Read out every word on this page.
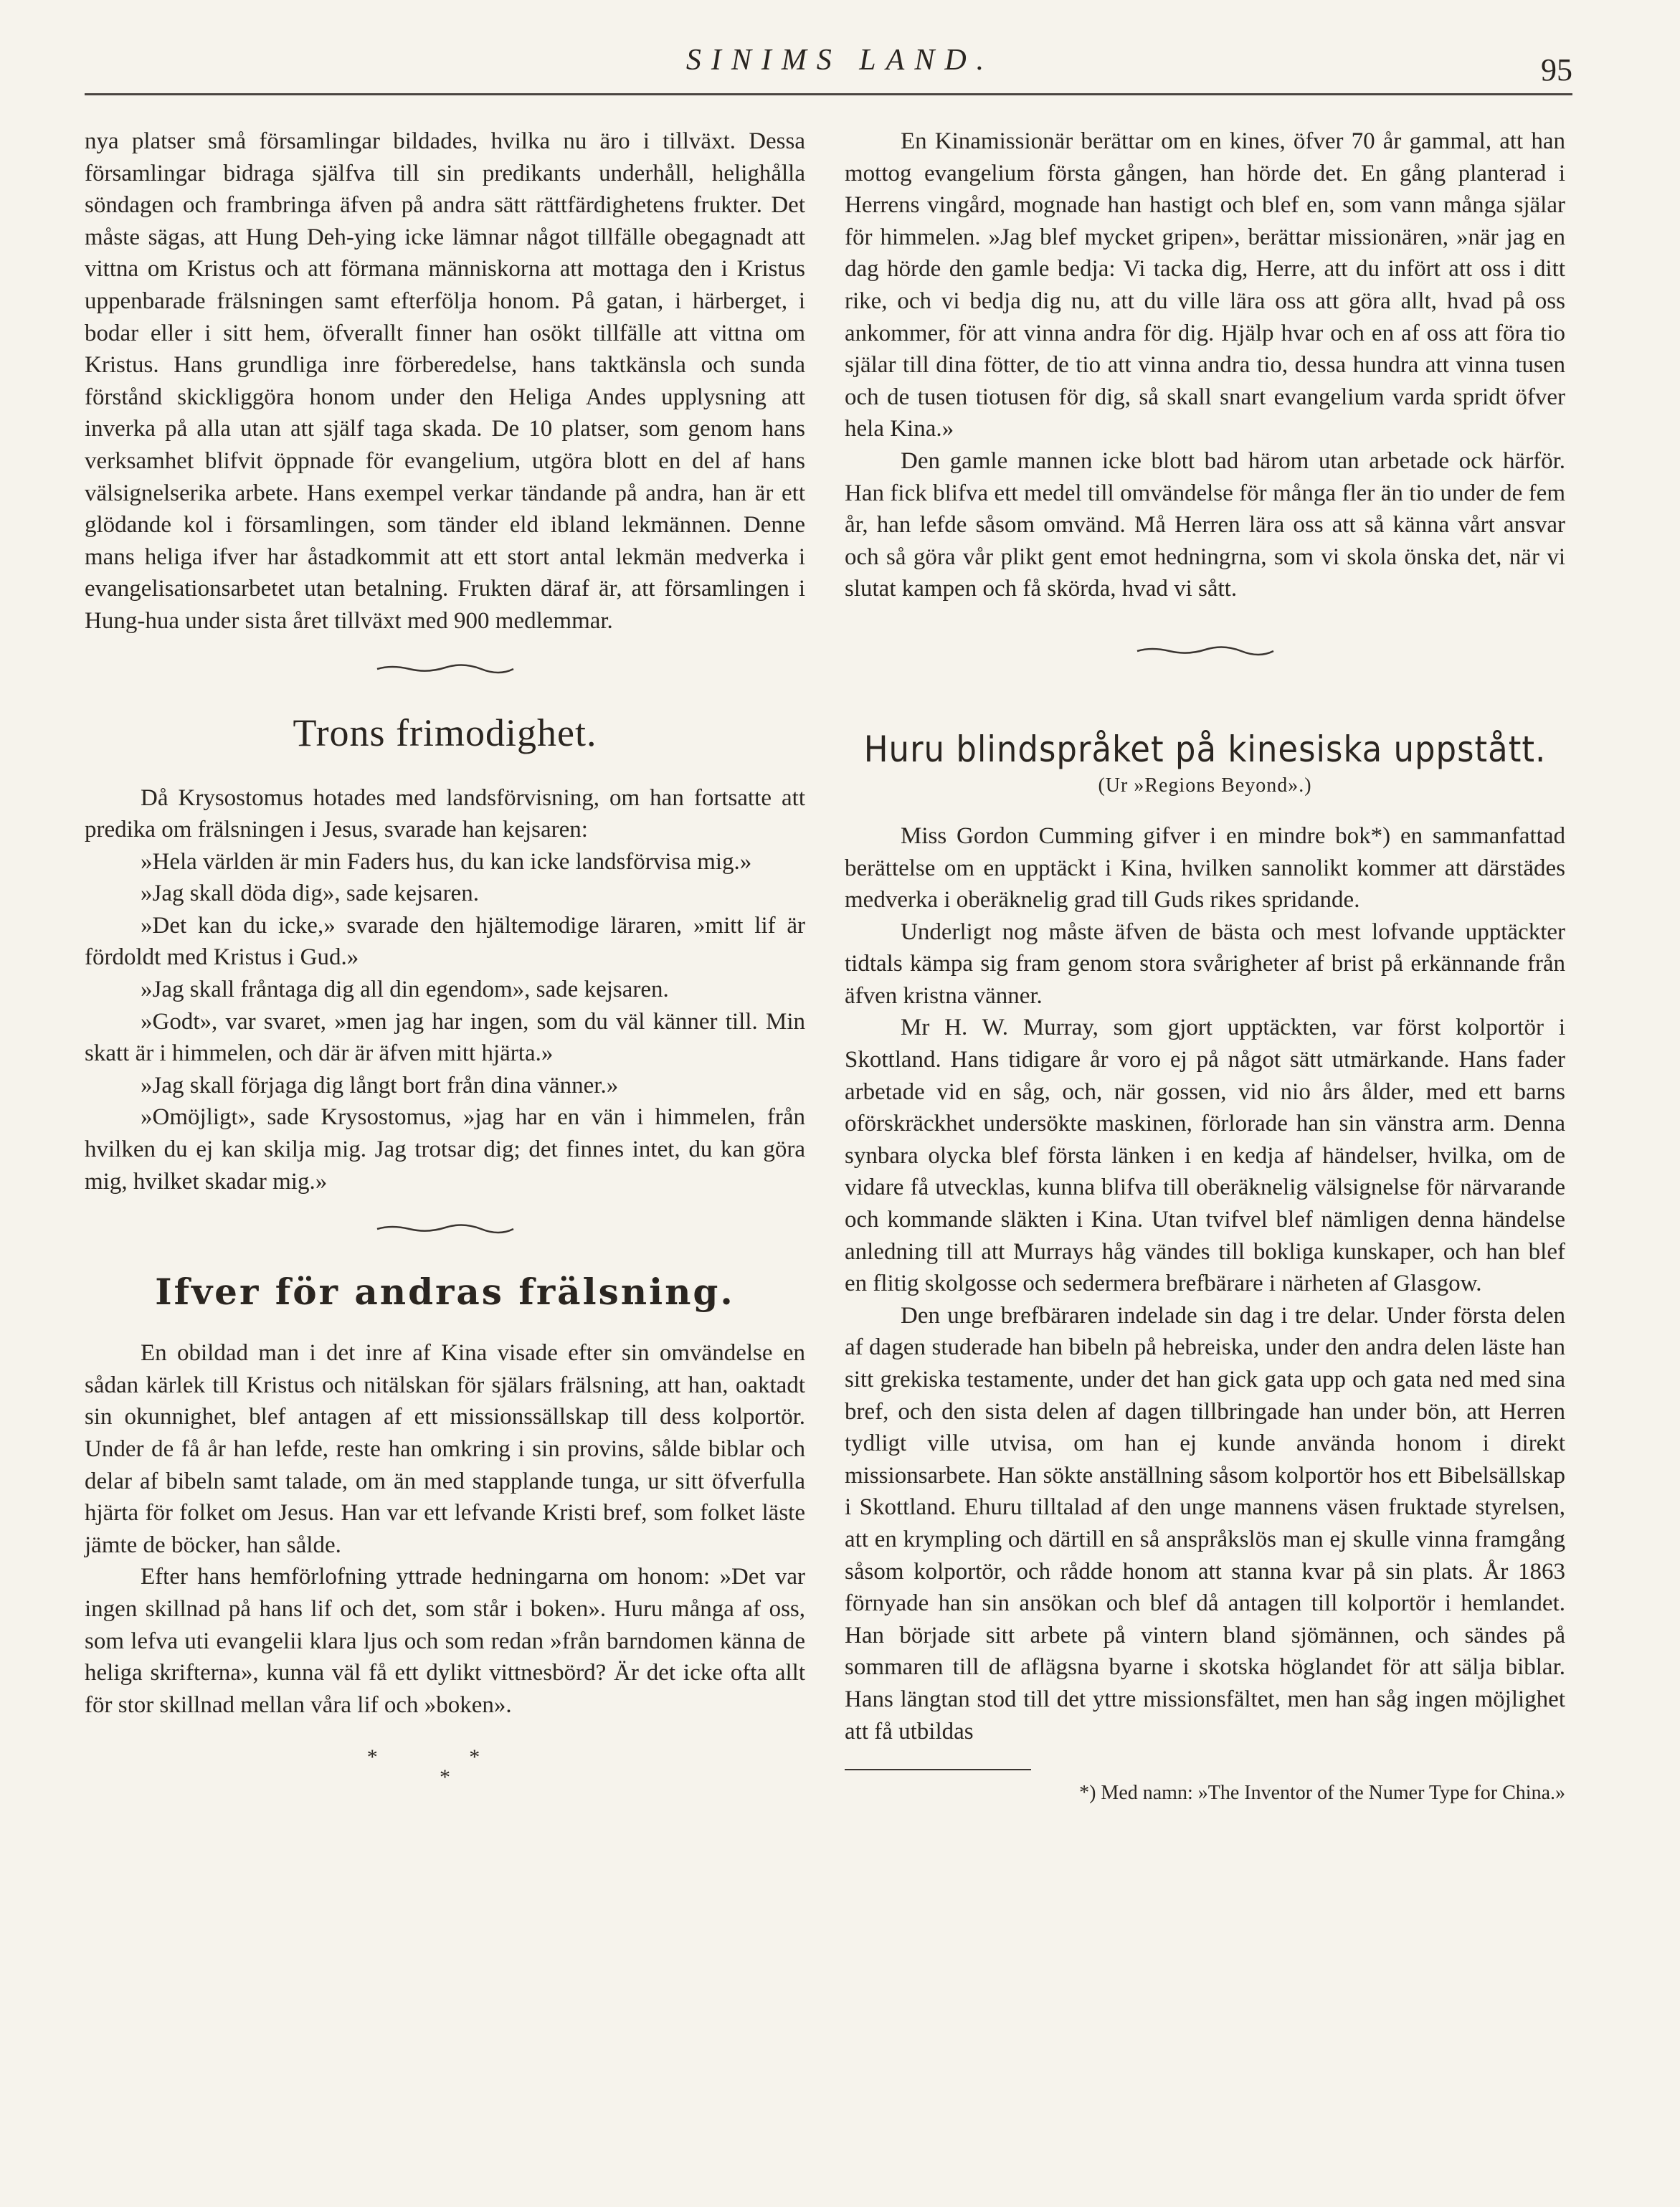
SINIMS LAND.	95

nya platser små församlingar bildades, hvilka nu äro i tillväxt. Dessa församlingar bidraga själfva till sin predikants underhåll, helighålla söndagen och frambringa äfven på andra sätt rättfärdighetens frukter. Det måste sägas, att Hung Deh-ying icke lämnar något tillfälle obegagnadt att vittna om Kristus och att förmana människorna att mottaga den i Kristus uppenbarade frälsningen samt efterfölja honom. På gatan, i härberget, i bodar eller i sitt hem, öfverallt finner han osökt tillfälle att vittna om Kristus. Hans grundliga inre förberedelse, hans taktkänsla och sunda förstånd skickliggöra honom under den Heliga Andes upplysning att inverka på alla utan att själf taga skada. De 10 platser, som genom hans verksamhet blifvit öppnade för evangelium, utgöra blott en del af hans välsignelserika arbete. Hans exempel verkar tändande på andra, han är ett glödande kol i församlingen, som tänder eld ibland lekmännen. Denne mans heliga ifver har åstadkommit att ett stort antal lekmän medverka i evangelisationsarbetet utan betalning. Frukten däraf är, att församlingen i Hung-hua under sista året tillväxt med 900 medlemmar.

Trons frimodighet.

Då Krysostomus hotades med landsförvisning, om han fortsatte att predika om frälsningen i Jesus, svarade han kejsaren:

»Hela världen är min Faders hus, du kan icke landsförvisa mig.»

»Jag skall döda dig», sade kejsaren.

»Det kan du icke,» svarade den hjältemodige läraren, »mitt lif är fördoldt med Kristus i Gud.»

»Jag skall fråntaga dig all din egendom», sade kejsaren.

»Godt», var svaret, »men jag har ingen, som du väl känner till. Min skatt är i himmelen, och där är äfven mitt hjärta.»

»Jag skall förjaga dig långt bort från dina vänner.»

»Omöjligt», sade Krysostomus, »jag har en vän i himmelen, från hvilken du ej kan skilja mig. Jag trotsar dig; det finnes intet, du kan göra mig, hvilket skadar mig.»

Ifver för andras frälsning.

En obildad man i det inre af Kina visade efter sin omvändelse en sådan kärlek till Kristus och nitälskan för själars frälsning, att han, oaktadt sin okunnighet, blef antagen af ett missionssällskap till dess kolportör. Under de få år han lefde, reste han omkring i sin provins, sålde biblar och delar af bibeln samt talade, om än med stapplande tunga, ur sitt öfverfulla hjärta för folket om Jesus. Han var ett lefvande Kristi bref, som folket läste jämte de böcker, han sålde.

Efter hans hemförlofning yttrade hedningarna om honom: »Det var ingen skillnad på hans lif och det, som står i boken». Huru många af oss, som lefva uti evangelii klara ljus och som redan »från barndomen känna de heliga skrifterna», kunna väl få ett dylikt vittnesbörd? Är det icke ofta allt för stor skillnad mellan våra lif och »boken».

* *
*

En Kinamissionär berättar om en kines, öfver 70 år gammal, att han mottog evangelium första gången, han hörde det. En gång planterad i Herrens vingård, mognade han hastigt och blef en, som vann många själar för himmelen. »Jag blef mycket gripen», berättar missionären, »när jag en dag hörde den gamle bedja: Vi tacka dig, Herre, att du infört att oss i ditt rike, och vi bedja dig nu, att du ville lära oss att göra allt, hvad på oss ankommer, för att vinna andra för dig. Hjälp hvar och en af oss att föra tio själar till dina fötter, de tio att vinna andra tio, dessa hundra att vinna tusen och de tusen tiotusen för dig, så skall snart evangelium varda spridt öfver hela Kina.»

Den gamle mannen icke blott bad härom utan arbetade ock härför. Han fick blifva ett medel till omvändelse för många fler än tio under de fem år, han lefde såsom omvänd. Må Herren lära oss att så känna vårt ansvar och så göra vår plikt gent emot hedningrna, som vi skola önska det, när vi slutat kampen och få skörda, hvad vi sått.

Huru blindspråket på kinesiska uppstått.
(Ur »Regions Beyond».)

Miss Gordon Cumming gifver i en mindre bok*) en sammanfattad berättelse om en upptäckt i Kina, hvilken sannolikt kommer att därstädes medverka i oberäknelig grad till Guds rikes spridande.

Underligt nog måste äfven de bästa och mest lofvande upptäckter tidtals kämpa sig fram genom stora svårigheter af brist på erkännande från äfven kristna vänner.

Mr H. W. Murray, som gjort upptäckten, var först kolportör i Skottland. Hans tidigare år voro ej på något sätt utmärkande. Hans fader arbetade vid en såg, och, när gossen, vid nio års ålder, med ett barns oförskräckhet undersökte maskinen, förlorade han sin vänstra arm. Denna synbara olycka blef första länken i en kedja af händelser, hvilka, om de vidare få utvecklas, kunna blifva till oberäknelig välsignelse för närvarande och kommande släkten i Kina. Utan tvifvel blef nämligen denna händelse anledning till att Murrays håg vändes till bokliga kunskaper, och han blef en flitig skolgosse och sedermera brefbärare i närheten af Glasgow.

Den unge brefbäraren indelade sin dag i tre delar. Under första delen af dagen studerade han bibeln på hebreiska, under den andra delen läste han sitt grekiska testamente, under det han gick gata upp och gata ned med sina bref, och den sista delen af dagen tillbringade han under bön, att Herren tydligt ville utvisa, om han ej kunde använda honom i direkt missionsarbete. Han sökte anställning såsom kolportör hos ett Bibelsällskap i Skottland. Ehuru tilltalad af den unge mannens väsen fruktade styrelsen, att en krympling och därtill en så anspråkslös man ej skulle vinna framgång såsom kolportör, och rådde honom att stanna kvar på sin plats. År 1863 förnyade han sin ansökan och blef då antagen till kolportör i hemlandet. Han började sitt arbete på vintern bland sjömännen, och sändes på sommaren till de aflägsna byarne i skotska höglandet för att sälja biblar. Hans längtan stod till det yttre missionsfältet, men han såg ingen möjlighet att få utbildas

*) Med namn: »The Inventor of the Numer Type for China.»
